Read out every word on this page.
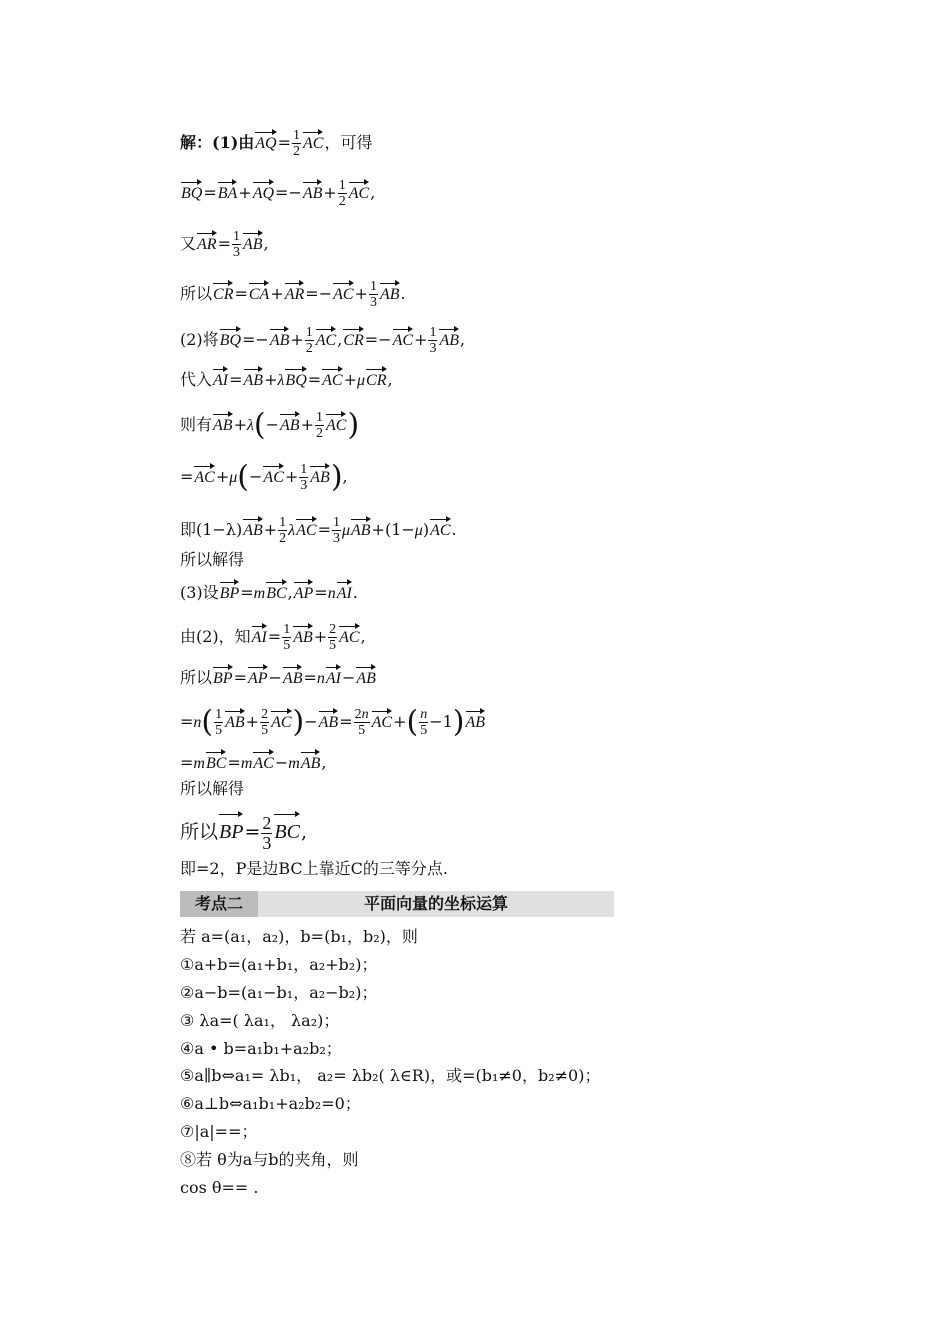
解：(1)由$AQ= \frac{1}{2}$ AC，可得
$BQ=BA+AQ=-AB+ \frac{1}{2}$ AC,
又$AR= \frac{1}{3}$ AB,
所以$CR=CA+AR=-AC+ \frac{1}{3}$ AB.
(2)将$BQ=-AB+ \frac{1}{2} AC,CR=-AC+ \frac{1}{3}$ AB,
代入AI=AB+λBQ=AC+μCR,
则有$AB+\lambda(-AB+ \frac{1}{2} AC)$
$=AC+\mu(-AC+ \frac{1}{3} AB)$,
即$(1-\lambda)AB+ \frac{1}{2} \lambda AC= \frac{1}{3} \mu AB+(1-\mu)AC$.
所以解得
(3)设BP=mBC,AP=nAI.
由(2)，知$AI= \frac{1}{5} AB+ \frac{2}{5}$ AC,
所以BP=AP−AB=nAI−AB
$=n( \frac{1}{5} AB+ \frac{2}{5} AC)-AB= \frac{2n}{5} AC+( \frac{n}{5} -1)AB$
=mBC=mAC−mAB,
所以解得
所以$BP= \frac{2}{3}$ BC,
即=2，P是边BC上靠近C的三等分点.
考点二	平面向量的坐标运算
若 a=(a₁，a₂)，b=(b₁，b₂)，则
①a+b=(a₁+b₁，a₂+b₂)；
②a−b=(a₁−b₁，a₂−b₂)；
③ λa=( λa₁， λa₂)；
④a • b=a₁b₁+a₂b₂；
⑤a∥b⇔a₁= λb₁， a₂= λb₂( λ∈R)，或=(b₁≠0，b₂≠0)；
⑥a⊥b⇔a₁b₁+a₂b₂=0；
⑦|a|==；
⑧若 θ为a与b的夹角，则
cos θ== .
